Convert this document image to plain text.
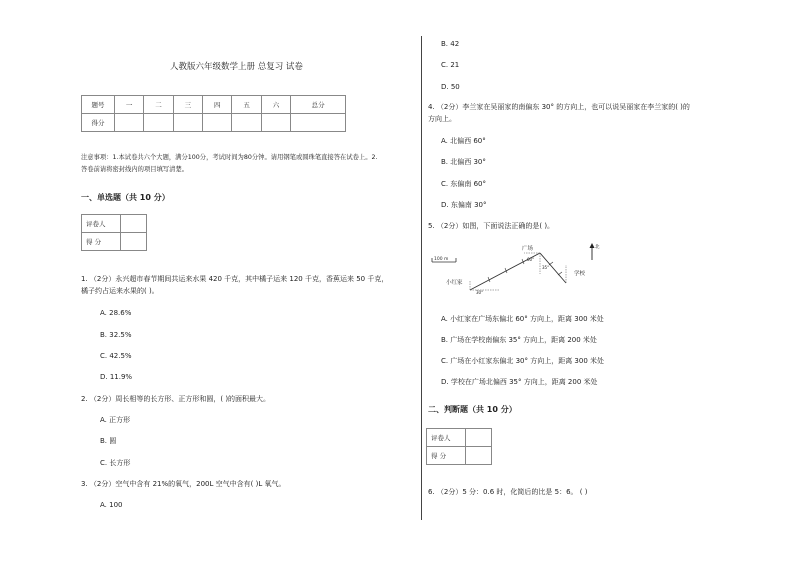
人教版六年级数学上册 总复习 试卷
题号	一	二	三	四	五	六	总分
得分							
注意事项：1.本试卷共六个大题，满分100分，考试时间为80分钟。请用钢笔或圆珠笔直接答在试卷上。2.
答卷前请将密封线内的项目填写清楚。
一、单选题（共 10 分）
评卷人	
得 分	
1. （2分）永兴超市春节期间共运来水果 420 千克，其中橘子运来 120 千克，香蕉运来 50 千克，
橘子约占运来水果的( )。
A. 28.6%
B. 32.5%
C. 42.5%
D. 11.9%
2. （2分）周长相等的长方形、正方形和圆，( )的面积最大。
A. 正方形
B. 圆
C. 长方形
3. （2分）空气中含有 21%的氧气，200L 空气中含有( )L 氧气。
A. 100
B. 42
C. 21
D. 50
4. （2分）李兰家在吴丽家的南偏东 30° 的方向上，也可以说吴丽家在李兰家的( )的
方向上。
A. 北偏西 60°
B. 北偏西 30°
C. 东偏南 60°
D. 东偏南 30°
5. （2分）如图，下面说法正确的是( )。
100 m
广场
小红家
学校
30°
60°
35°
北
A. 小红家在广场东偏北 60° 方向上，距离 300 米处
B. 广场在学校南偏东 35° 方向上，距离 200 米处
C. 广场在小红家东偏北 30° 方向上，距离 300 米处
D. 学校在广场北偏西 35° 方向上，距离 200 米处
二、判断题（共 10 分）
评卷人	
得 分	
6. （2分）5 分：0.6 时，化简后的比是 5：6。 ( )
